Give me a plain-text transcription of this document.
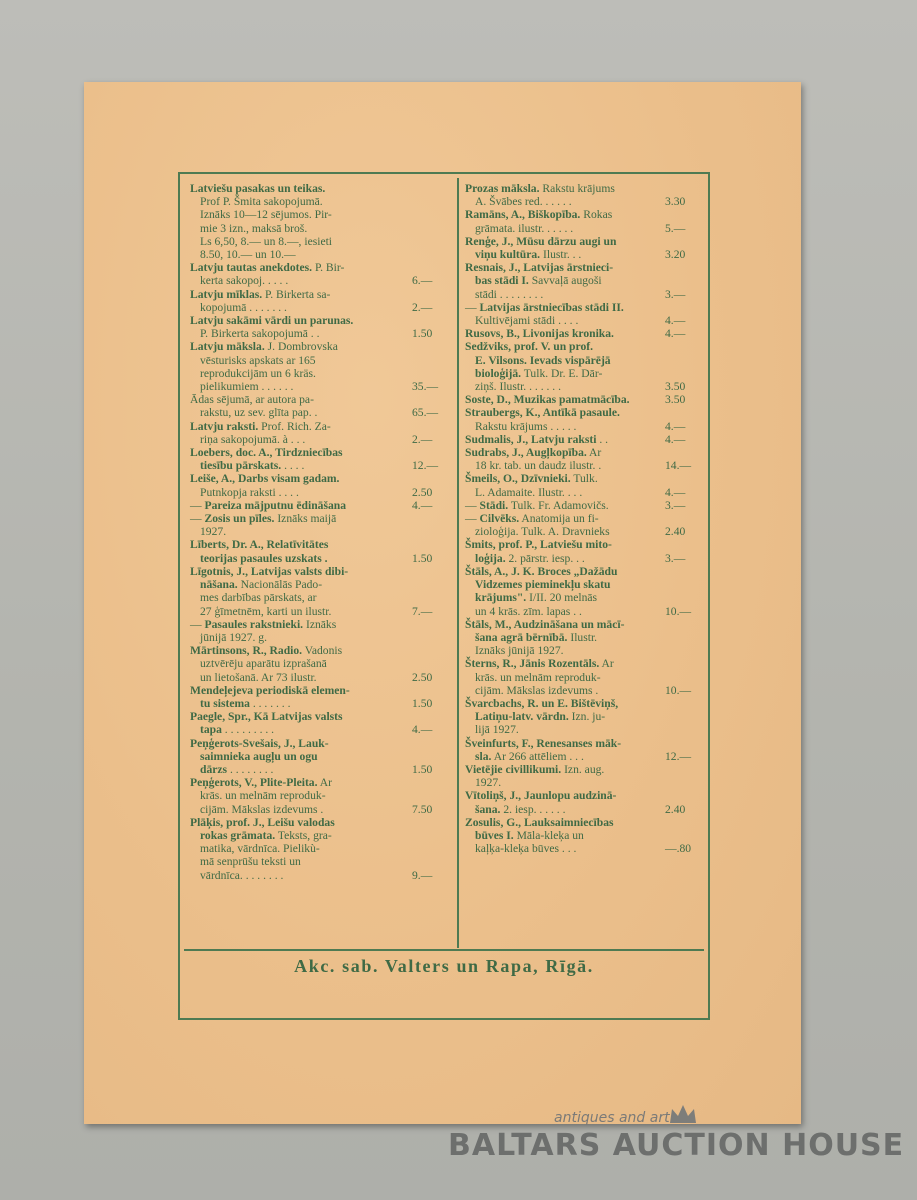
Latviešu pasakas un teikas.
Prof P. Šmita sakopojumā.
Iznāks 10—12 sējumos. Pir-
mie 3 izn., maksā broš.
Ls 6,50, 8.— un 8.—, iesieti
8.50, 10.— un 10.—
Latvju tautas anekdotes. P. Bir-
kerta sakopoj. . . . .	6.—
Latvju mīklas. P. Birkerta sa-
kopojumā . . . . . . .	2.—
Latvju sakāmi vārdi un parunas.
P. Birkerta sakopojumā . .	1.50
Latvju māksla. J. Dombrovska
vēsturisks apskats ar 165
reprodukcijām un 6 kräs.
pielikumiem . . . . . .	35.—
Ādas sējumā, ar autora pa-
rakstu, uz sev. glīta pap. .	65.—
Latvju raksti. Prof. Rich. Za-
riņa sakopojumā. à . . .	2.—
Loebers, doc. A., Tirdzniecības
tiesību pārskats. . . . .	12.—
Leiše, A., Darbs visam gadam.
Putnkopja raksti . . . .	2.50
— Pareiza mājputnu ēdināšana	4.—
— Zosis un pīles. Iznāks maijā
1927.
Līberts, Dr. A., Relatīvitātes
teorijas pasaules uzskats .	1.50
Līgotnis, J., Latvijas valsts dibi-
nāšana. Nacionālās Pado-
mes darbības pārskats, ar
27 ģīmetnēm, karti un ilustr.	7.—
— Pasaules rakstnieki. Iznāks
jūnijā 1927. g.
Mārtinsons, R., Radio. Vadonis
uztvērēju aparātu izprašanā
un lietošanā. Ar 73 ilustr.	2.50
Mendeļejeva periodiskā elemen-
tu sistema . . . . . . .	1.50
Paegle, Spr., Kā Latvijas valsts
tapa . . . . . . . . .	4.—
Peņģerots-Svešais, J., Lauk-
saimnieka augļu un ogu
dārzs . . . . . . . .	1.50
Peņģerots, V., Plite-Pleita. Ar
krās. un melnām reproduk-
cijām. Mākslas izdevums .	7.50
Plāķis, prof. J., Leišu valodas
rokas grāmata. Teksts, gra-
matika, vārdnīca. Pielikù-
mā senprūšu teksti un
vārdnīca. . . . . . . .	9.—
Prozas māksla. Rakstu krājums
A. Švābes red. . . . . .	3.30
Ramāns, A., Biškopība. Rokas
grāmata. ilustr. . . . . .	5.—
Renģe, J., Mūsu dārzu augi un
viņu kultūra. Ilustr. . .	3.20
Resnais, J., Latvijas ārstnieci-
bas stādi I. Savvaļā augoši
stādi . . . . . . . .	3.—
— Latvijas ārstniecības stādi II.
Kultivējami stādi . . . .	4.—
Rusovs, B., Livonijas kronika.	4.—
Sedžviks, prof. V. un prof.
E. Vilsons. Ievads vispārējā
bioloģijā. Tulk. Dr. E. Dār-
ziņš. Ilustr. . . . . . .	3.50
Soste, D., Muzikas pamatmācība.	3.50
Straubergs, K., Antīkā pasaule.
Rakstu krājums . . . . .	4.—
Sudmalis, J., Latvju raksti . .	4.—
Sudrabs, J., Augļkopība. Ar
18 kr. tab. un daudz ilustr. .	14.—
Šmeils, O., Dzīvnieki. Tulk.
L. Adamaite. Ilustr. . . .	4.—
— Stādi. Tulk. Fr. Adamovičs.	3.—
— Cilvēks. Anatomija un fi-
zioloģija. Tulk. A. Dravnieks	2.40
Šmits, prof. P., Latviešu mito-
loģija. 2. pārstr. iesp. . .	3.—
Štāls, A., J. K. Broces „Dažādu
Vidzemes pieminekļu skatu
krājums". I/II. 20 melnās
un 4 krās. zīm. lapas . .	10.—
Štāls, M., Audzināšana un mācī-
šana agrā bērnībā. Ilustr.
Iznāks jūnijā 1927.
Šterns, R., Jānis Rozentāls. Ar
krās. un melnām reproduk-
cijām. Mākslas izdevums .	10.—
Švarcbachs, R. un E. Bištēviņš,
Latiņu-latv. vārdn. Izn. ju-
lijā 1927.
Šveinfurts, F., Renesanses māk-
sla. Ar 266 attēliem . . .	12.—
Vietējie civillikumi. Izn. aug.
1927.
Vītoliņš, J., Jaunlopu audzinā-
šana. 2. iesp. . . . . .	2.40
Zosulis, G., Lauksaimniecības
būves I. Māla-kleķa un
kaļķa-kleķa būves . . .	—.80
Akc. sab. Valters un Rapa, Rīgā.
antiques and art
BALTARS AUCTION HOUSE
